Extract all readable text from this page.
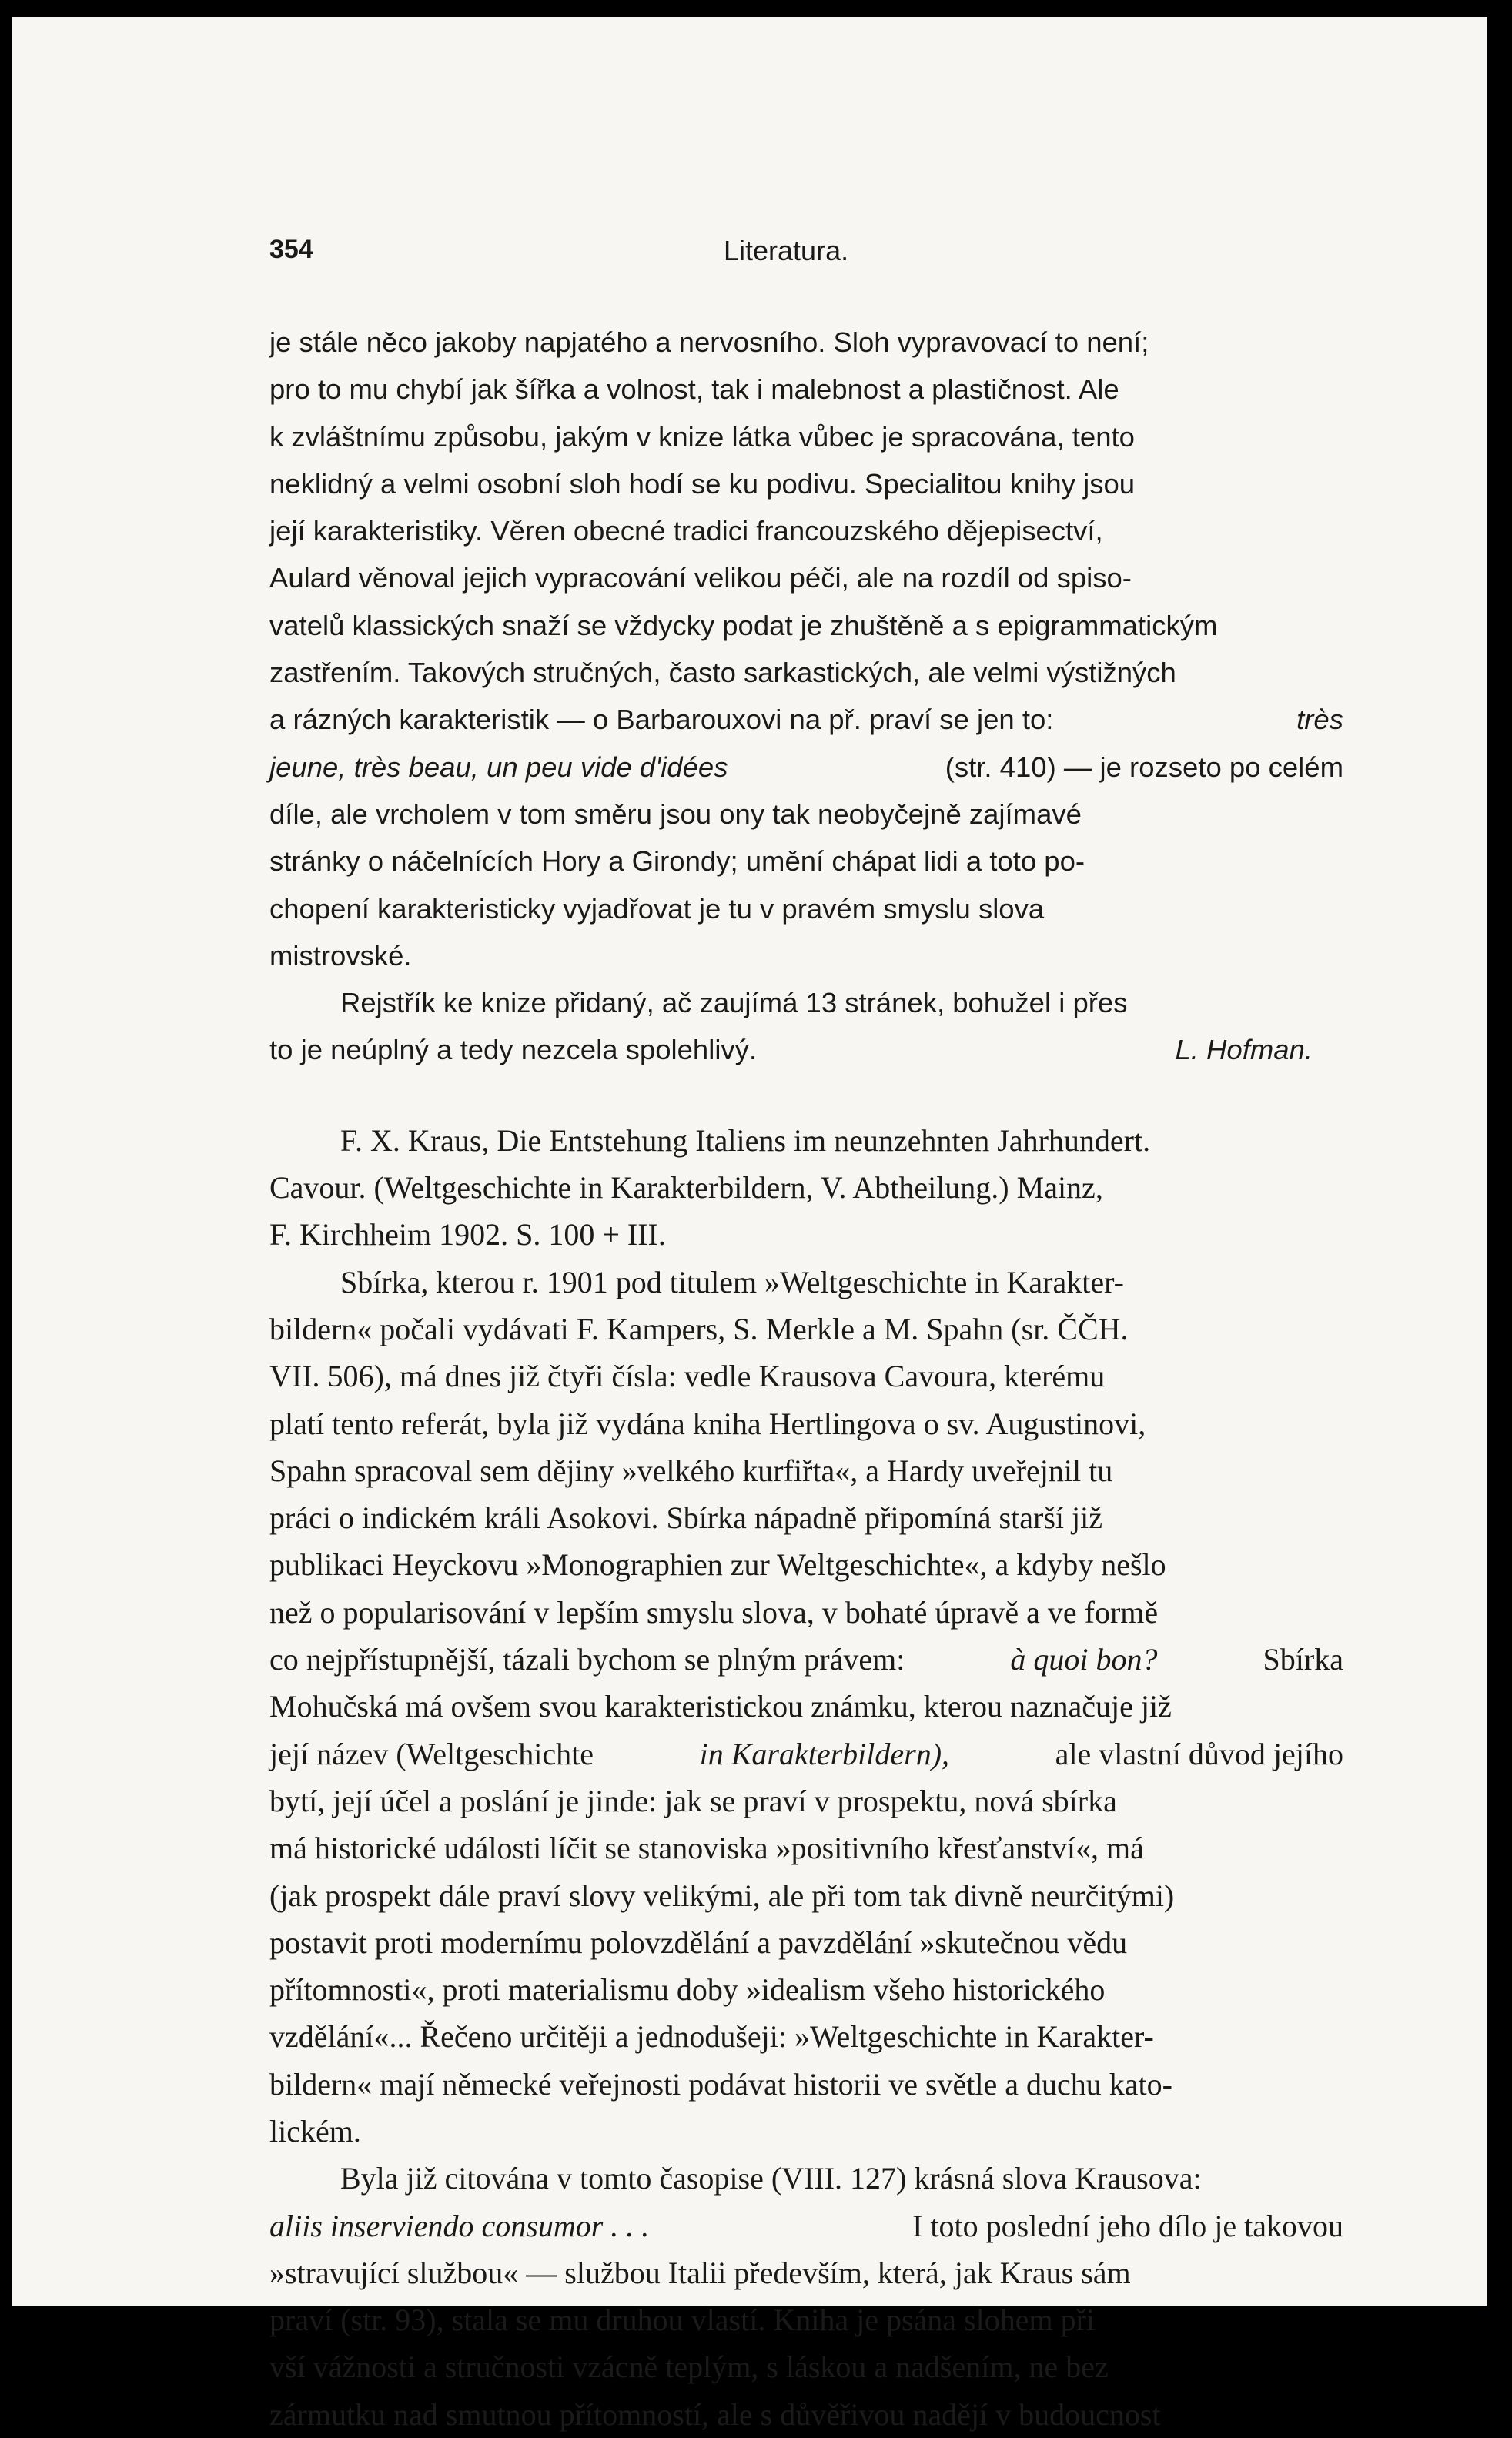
354	Literatura.
je stále něco jakoby napjatého a nervosního. Sloh vypravovací to není;
pro to mu chybí jak šířka a volnost, tak i malebnost a plastičnost. Ale
k zvláštnímu způsobu, jakým v knize látka vůbec je spracována, tento
neklidný a velmi osobní sloh hodí se ku podivu. Specialitou knihy jsou
její karakteristiky. Věren obecné tradici francouzského dějepisectví,
Aulard věnoval jejich vypracování velikou péči, ale na rozdíl od spiso-
vatelů klassických snaží se vždycky podat je zhuštěně a s epigrammatickým
zastřením. Takových stručných, často sarkastických, ale velmi výstižných
a rázných karakteristik — o Barbarouxovi na př. praví se jen to:	très
jeune, très beau, un peu vide d'idées	(str. 410) — je rozseto po celém
díle, ale vrcholem v tom směru jsou ony tak neobyčejně zajímavé
stránky o náčelnících Hory a Girondy; umění chápat lidi a toto po-
chopení karakteristicky vyjadřovat je tu v pravém smyslu slova
mistrovské.
Rejstřík ke knize přidaný, ač zaujímá 13 stránek, bohužel i přes
to je neúplný a tedy nezcela spolehlivý.	L. Hofman.
F. X. Kraus, Die Entstehung Italiens im neunzehnten Jahrhundert.
Cavour. (Weltgeschichte in Karakterbildern, V. Abtheilung.) Mainz,
F. Kirchheim 1902. S. 100 + III.
Sbírka, kterou r. 1901 pod titulem »Weltgeschichte in Karakter-
bildern« počali vydávati F. Kampers, S. Merkle a M. Spahn (sr. ČČH.
VII. 506), má dnes již čtyři čísla: vedle Krausova Cavoura, kterému
platí tento referát, byla již vydána kniha Hertlingova o sv. Augustinovi,
Spahn spracoval sem dějiny »velkého kurfiřta«, a Hardy uveřejnil tu
práci o indickém králi Asokovi. Sbírka nápadně připomíná starší již
publikaci Heyckovu »Monographien zur Weltgeschichte«, a kdyby nešlo
než o popularisování v lepším smyslu slova, v bohaté úpravě a ve formě
co nejpřístupnější, tázali bychom se plným právem:	à quoi bon?	Sbírka
Mohučská má ovšem svou karakteristickou známku, kterou naznačuje již
její název (Weltgeschichte	in Karakterbildern),	ale vlastní důvod jejího
bytí, její účel a poslání je jinde: jak se praví v prospektu, nová sbírka
má historické události líčit se stanoviska »positivního křesťanství«, má
(jak prospekt dále praví slovy velikými, ale při tom tak divně neurčitými)
postavit proti modernímu polovzdělání a pavzdělání »skutečnou vědu
přítomnosti«, proti materialismu doby »idealism všeho historického
vzdělání«... Řečeno určitěji a jednodušeji: »Weltgeschichte in Karakter-
bildern« mají německé veřejnosti podávat historii ve světle a duchu kato-
lickém.
Byla již citována v tomto časopise (VIII. 127) krásná slova Krausova:
aliis inserviendo consumor . . .	I toto poslední jeho dílo je takovou
»stravující službou« — službou Italii především, která, jak Kraus sám
praví (str. 93), stala se mu druhou vlastí. Kniha je psána slohem při
vší vážnosti a stručnosti vzácně teplým, s láskou a nadšením, ne bez
zármutku nad smutnou přítomností, ale s důvěřivou nadějí v budoucnost
